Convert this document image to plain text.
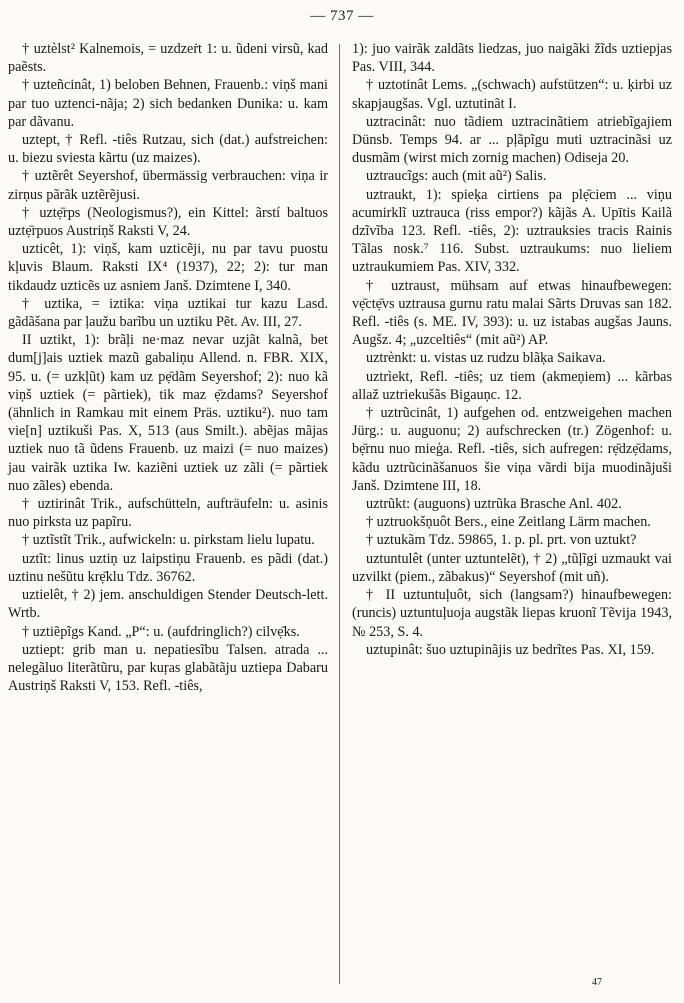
— 737 —

† uztèlst² Kalnemois, = uzdzeṙt 1: u. ũdeni virsũ, kad paẽsts.

† uzteñcinât, 1) beloben Behnen, Frauenb.: viņš mani par tuo uztenci-nãja; 2) sich bedanken Dunika: u. kam par dãvanu.

uztept, † Refl. -tiês Rutzau, sich (dat.) aufstreichen: u. biezu sviesta kãrtu (uz maizes).

† uztẽrêt Seyershof, übermässig verbrauchen: viņa ir zirņus pãrãk uztẽrẽjusi.

† uztẹ̄rps (Neologismus?), ein Kittel: ãrstí baltuos uztẹ̄rpuos Austriņš Raksti V, 24.

uzticêt, 1): viņš, kam uzticẽji, nu par tavu puostu kļuvis Blaum. Raksti IX⁴ (1937), 22; 2): tur man tikdaudz uzticẽs uz asniem Janš. Dzimtene I, 340.

† uztika, = iztika: viņa uztikai tur kazu Lasd. gãdãšana par ļaužu barĩbu un uztiku Pẽt. Av. III, 27.

II uztikt, 1): brãļi ne·maz nevar uzjãt kalnã, bet dum[j]ais uztiek mazũ gabaliņu Allend. n. FBR. XIX, 95. u. (= uzkļũt) kam uz pẹ̄dãm Seyershof; 2): nuo kã viņš uztiek (= pãrtiek), tik maz ẹ̄zdams? Seyershof (ähnlich in Ramkau mit einem Präs. uztiku²). nuo tam vie[n] uztikuši Pas. X, 513 (aus Smilt.). abẽjas mãjas uztiek nuo tã ũdens Frauenb. uz maizi (= nuo maizes) jau vairãk uztika Iw. kaziẽni uztiek uz zãli (= pãrtiek nuo zãles) ebenda.

† uztirinât Trik., aufschütteln, aufträufeln: u. asinis nuo pirksta uz papĩru.

† uztĩstĩt Trik., aufwickeln: u. pirkstam lielu lupatu.

uztĩt: linus uztiņ uz laipstiņu Frauenb. es pãdi (dat.) uztinu nešũtu krẹ̄klu Tdz. 36762.

uztielêt, † 2) jem. anschuldigen Stender Deutsch-lett. Wrtb.

† uztiẽpĩgs Kand. „P“: u. (aufdringlich?) cilvẹ̄ks.

uztiept: grib man u. nepatiesĩbu Talsen. atrada ... nelegãluo literãtũru, par kuŗas glabãtãju uztiepa Dabaru Austriņš Raksti V, 153. Refl. -tiês,

1): juo vairãk zaldãts liedzas, juo naigãki žĩds uztiepjas Pas. VIII, 344.

† uztotinât Lems. „(schwach) aufstützen“: u. ķirbi uz skapjaugšas. Vgl. uztutinãt I.

uztracinât: nuo tãdiem uztracinãtiem atriebĩgajiem Dünsb. Temps 94. ar ... pļãpĩgu muti uztracinãsi uz dusmãm (wirst mich zornig machen) Odiseja 20.

uztraucĩgs: auch (mit aũ²) Salis.

uztraukt, 1): spieķa cirtiens pa plẹ̄ciem ... viņu acumirklĩ uztrauca (riss empor?) kãjãs A. Upītis Kailã dzĩvĩba 123. Refl. -tiês, 2): uztrauksies tracis Rainis Tãlas nosk.⁷ 116. Subst. uztraukums: nuo lieliem uztraukumiem Pas. XIV, 332.

† uztraust, mühsam auf etwas hinaufbewegen: vẹ̄ctẹ̄vs uztrausa gurnu ratu malai Sãrts Druvas san 182. Refl. -tiês (s. ME. IV, 393): u. uz istabas augšas Jauns. Augšz. 4; „uzceltiês“ (mit aũ²) AP.

uztrènkt: u. vistas uz rudzu blãķa Saikava.

uztrìekt, Refl. -tiês; uz tiem (akmeņiem) ... kãrbas allaž uztriekušãs Bigauņc. 12.

† uztrũcinât, 1) aufgehen od. entzweigehen machen Jürg.: u. auguonu; 2) aufschrecken (tr.) Zögenhof: u. bẹ̄rnu nuo mieģa. Refl. -tiês, sich aufregen: rẹ̄dzẹ̄dams, kãdu uztrũcinãšanuos šie viņa vãrdi bija muodinãjuši Janš. Dzimtene III, 18.

uztrũkt: (auguons) uztrũka Brasche Anl. 402.

† uztruokšņuôt Bers., eine Zeitlang Lärm machen.

† uztukãm Tdz. 59865, 1. p. pl. prt. von uztukt?

uztuntulêt (unter uztuntelẽt), † 2) „tũļĩgi uzmaukt vai uzvilkt (piem., zãbakus)“ Seyershof (mit uñ).

† II uztuntuļuôt, sich (langsam?) hinaufbewegen: (runcis) uztuntuļuoja augstãk liepas kruonĩ Tẽvija 1943, № 253, S. 4.

uztupinât: šuo uztupinãjis uz bedrĩtes Pas. XI, 159.

47
